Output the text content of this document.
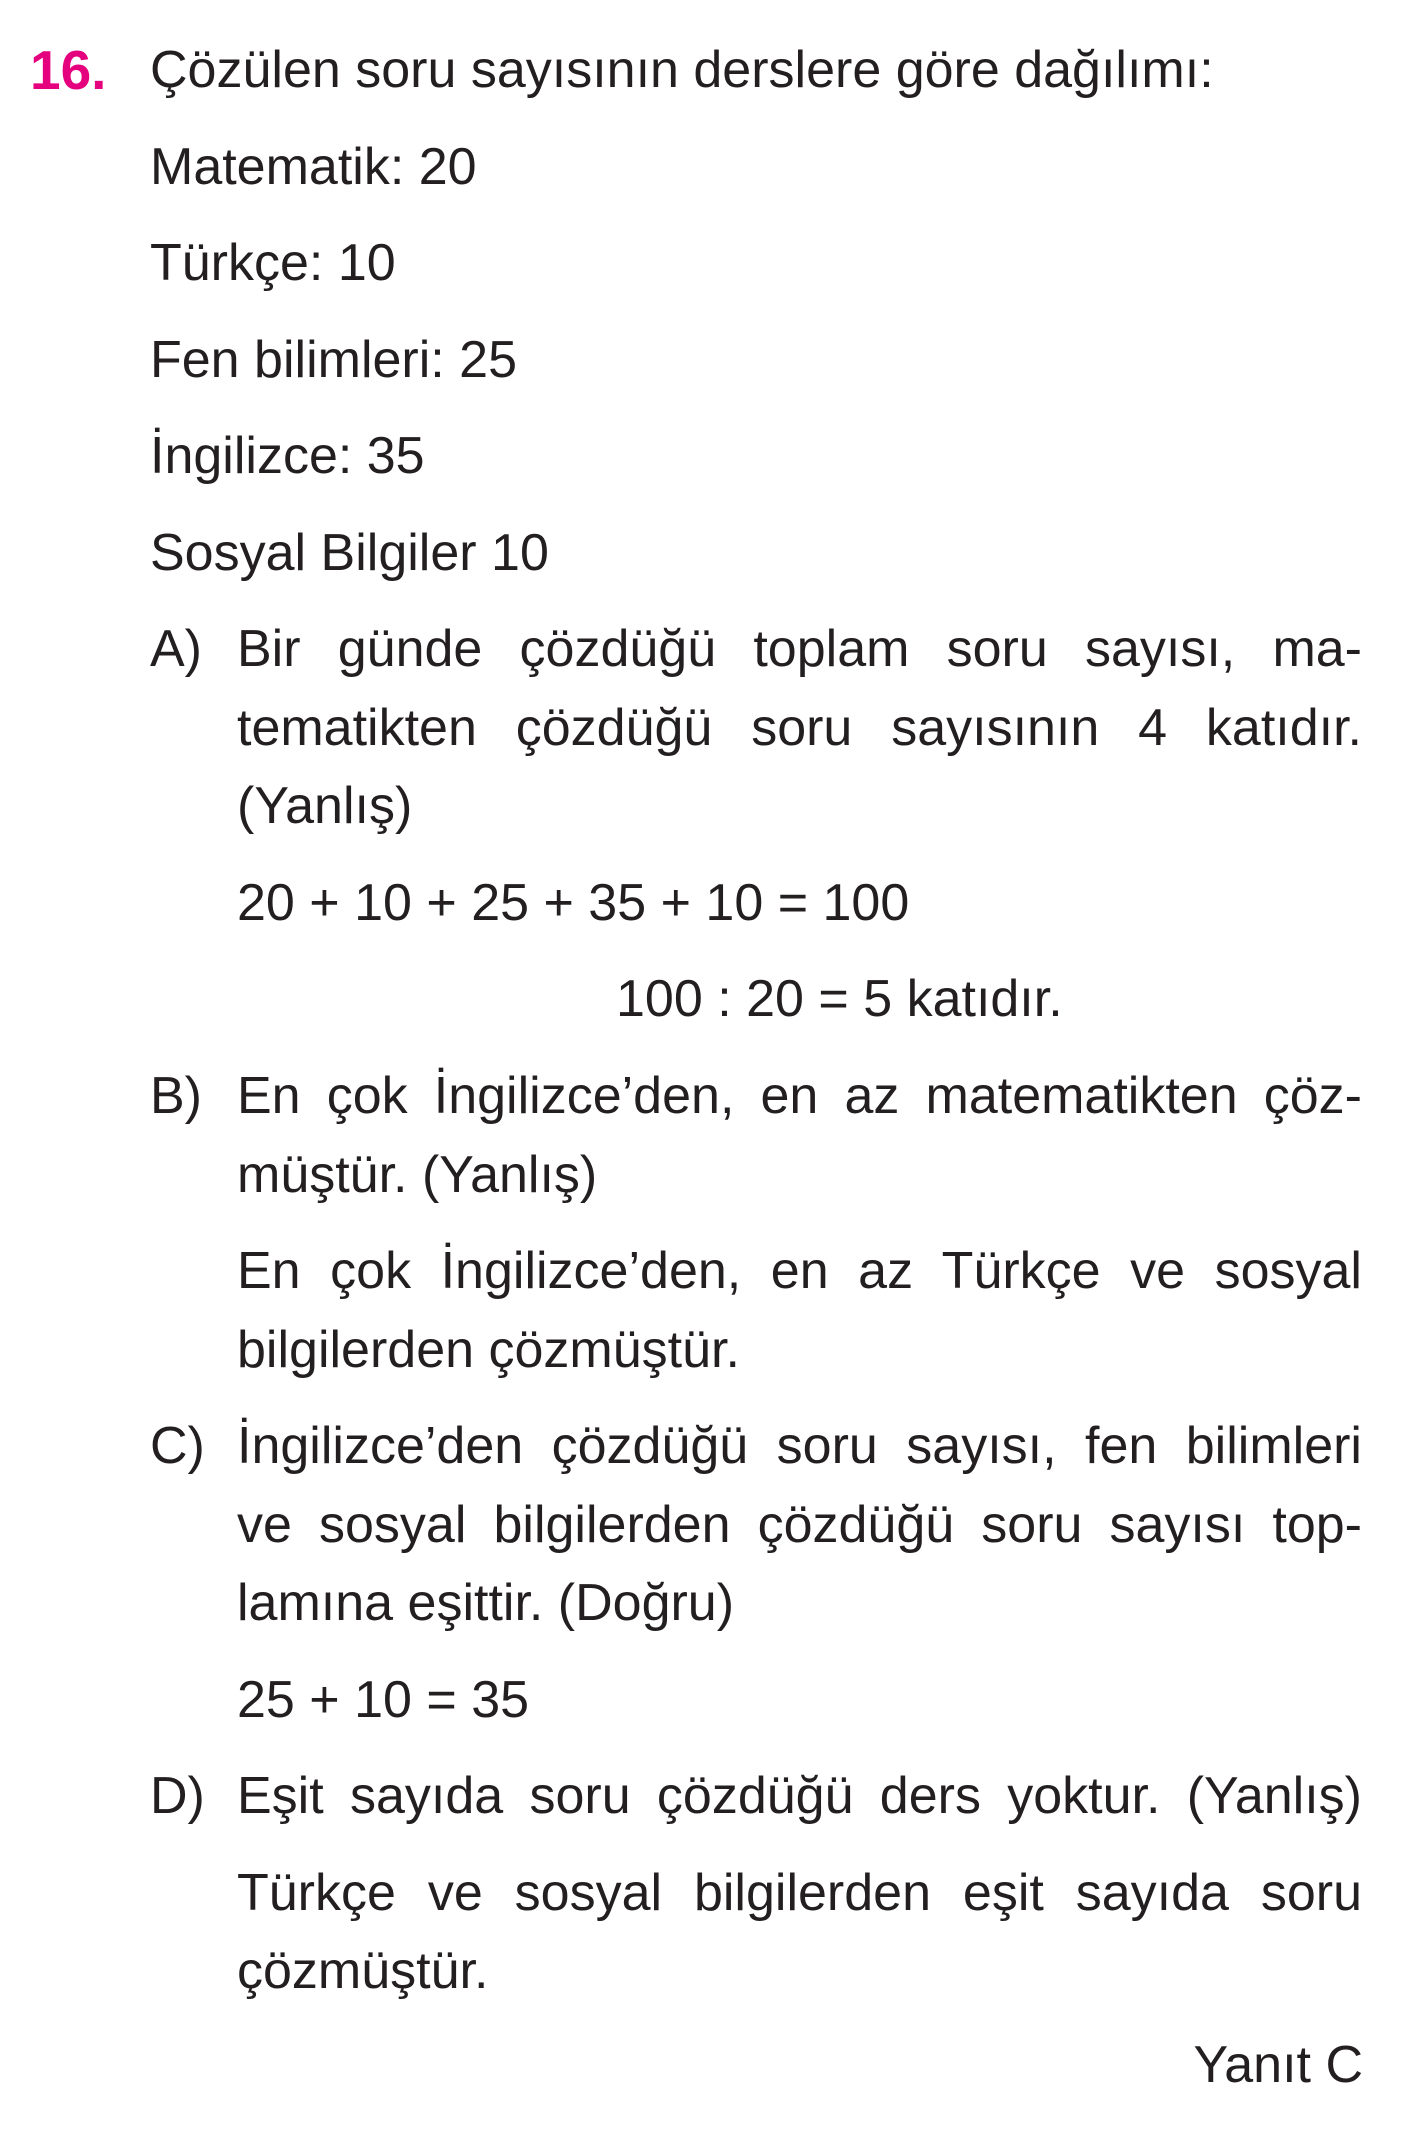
16. Çözülen soru sayısının derslere göre dağılımı:
Matematik: 20
Türkçe: 10
Fen bilimleri: 25
İngilizce: 35
Sosyal Bilgiler 10
A) Bir günde çözdüğü toplam soru sayısı, ma-
tematikten çözdüğü soru sayısının 4 katıdır.
(Yanlış)
20 + 10 + 25 + 35 + 10 = 100
100 : 20 = 5 katıdır.
B) En çok İngilizce’den, en az matematikten çöz-
müştür. (Yanlış)
En çok İngilizce’den, en az Türkçe ve sosyal
bilgilerden çözmüştür.
C) İngilizce’den çözdüğü soru sayısı, fen bilimleri
ve sosyal bilgilerden çözdüğü soru sayısı top-
lamına eşittir. (Doğru)
25 + 10 = 35
D) Eşit sayıda soru çözdüğü ders yoktur. (Yanlış)
Türkçe ve sosyal bilgilerden eşit sayıda soru
çözmüştür.
Yanıt C
